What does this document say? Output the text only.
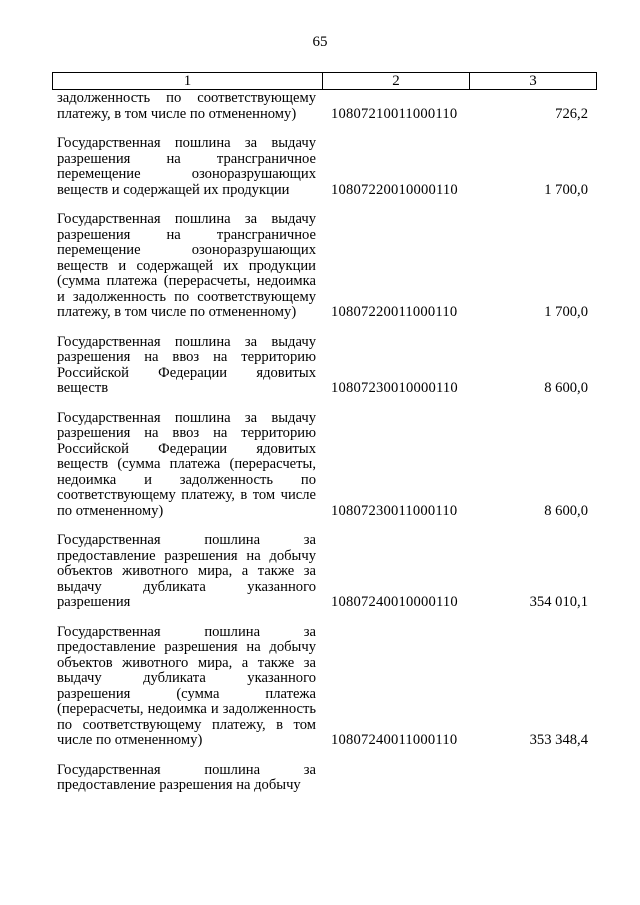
65
1	2	3
задолженность по соответствующему платежу, в том числе по отмененному)	10807210011000110	726,2
Государственная пошлина за выдачу разрешения на трансграничное перемещение озоноразрушающих веществ и содержащей их продукции	10807220010000110	1 700,0
Государственная пошлина за выдачу разрешения на трансграничное перемещение озоноразрушающих веществ и содержащей их продукции (сумма платежа (перерасчеты, недоимка и задолженность по соответствующему платежу, в том числе по отмененному)	10807220011000110	1 700,0
Государственная пошлина за выдачу разрешения на ввоз на территорию Российской Федерации ядовитых веществ	10807230010000110	8 600,0
Государственная пошлина за выдачу разрешения на ввоз на территорию Российской Федерации ядовитых веществ (сумма платежа (перерасчеты, недоимка и задолженность по соответствующему платежу, в том числе по отмененному)	10807230011000110	8 600,0
Государственная пошлина за предоставление разрешения на добычу объектов животного мира, а также за выдачу дубликата указанного разрешения	10807240010000110	354 010,1
Государственная пошлина за предоставление разрешения на добычу объектов животного мира, а также за выдачу дубликата указанного разрешения (сумма платежа (перерасчеты, недоимка и задолженность по соответствующему платежу, в том числе по отмененному)	10807240011000110	353 348,4
Государственная пошлина за предоставление разрешения на добычу
